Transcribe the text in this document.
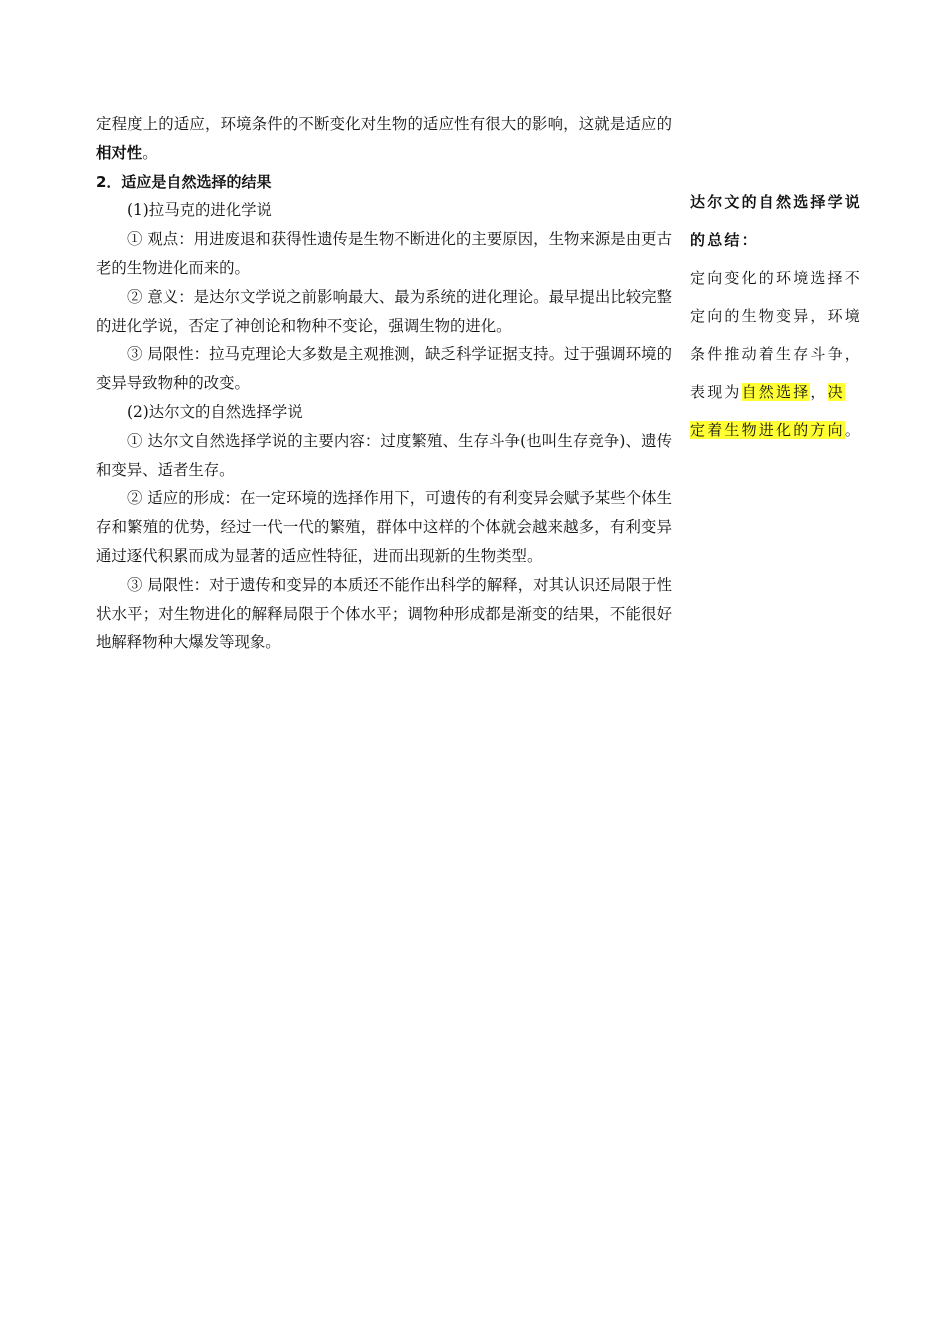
定程度上的适应，环境条件的不断变化对生物的适应性有很大的影响，这就是适应的相对性。

2．适应是自然选择的结果

(1)拉马克的进化学说

① 观点：用进废退和获得性遗传是生物不断进化的主要原因，生物来源是由更古老的生物进化而来的。

② 意义：是达尔文学说之前影响最大、最为系统的进化理论。最早提出比较完整的进化学说，否定了神创论和物种不变论，强调生物的进化。

③ 局限性：拉马克理论大多数是主观推测，缺乏科学证据支持。过于强调环境的变异导致物种的改变。

(2)达尔文的自然选择学说

① 达尔文自然选择学说的主要内容：过度繁殖、生存斗争(也叫生存竞争)、遗传和变异、适者生存。

② 适应的形成：在一定环境的选择作用下，可遗传的有利变异会赋予某些个体生存和繁殖的优势，经过一代一代的繁殖，群体中这样的个体就会越来越多，有利变异通过逐代积累而成为显著的适应性特征，进而出现新的生物类型。

③ 局限性：对于遗传和变异的本质还不能作出科学的解释，对其认识还局限于性状水平；对生物进化的解释局限于个体水平；调物种形成都是渐变的结果，不能很好地解释物种大爆发等现象。

达尔文的自然选择学说的总结：

定向变化的环境选择不定向的生物变异，环境条件推动着生存斗争，表现为自然选择，决定着生物进化的方向。
